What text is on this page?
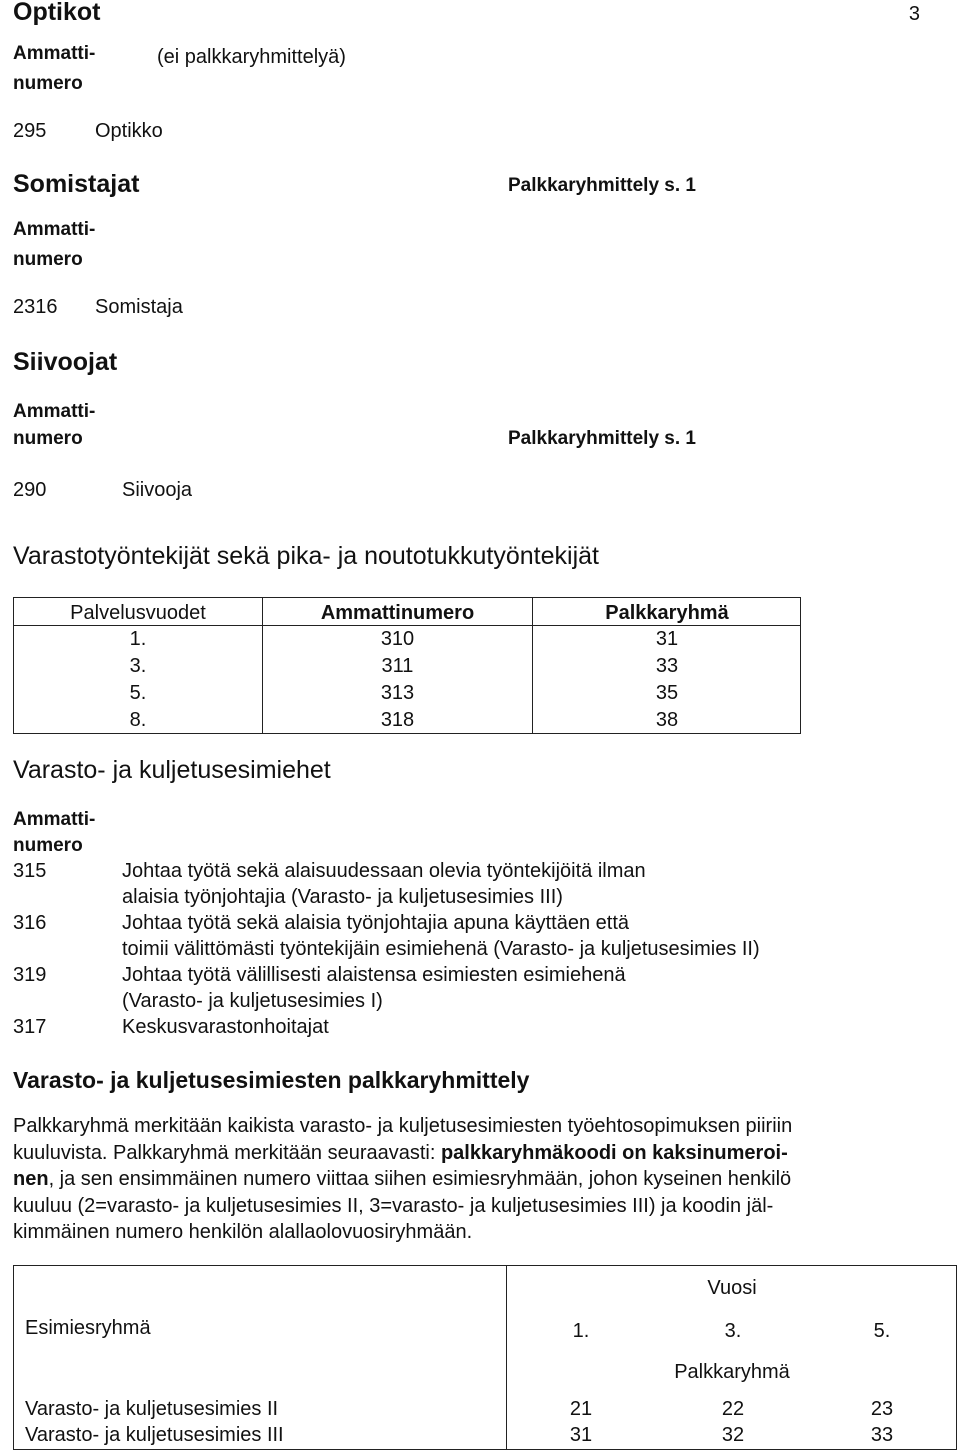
3
Optikot
Ammatti-
numero
(ei palkkaryhmittelyä)
295 Optikko
Somistajat	Palkkaryhmittely s. 1
Ammatti-
numero
2316 Somistaja
Siivoojat
Ammatti-
numero	Palkkaryhmittely s. 1
290	Siivooja
Varastotyöntekijät sekä pika- ja noutotukkutyöntekijät
Palvelusvuodet	Ammattinumero	Palkkaryhmä
1.	310	31
3.	311	33
5.	313	35
8.	318	38
Varasto- ja kuljetusesimiehet
Ammatti-
numero
315	Johtaa työtä sekä alaisuudessaan olevia työntekijöitä ilman
alaisia työnjohtajia (Varasto- ja kuljetusesimies III)
316	Johtaa työtä sekä alaisia työnjohtajia apuna käyttäen että
toimii välittömästi työntekijäin esimiehenä (Varasto- ja kuljetusesimies II)
319	Johtaa työtä välillisesti alaistensa esimiesten esimiehenä
(Varasto- ja kuljetusesimies I)
317	Keskusvarastonhoitajat
Varasto- ja kuljetusesimiesten palkkaryhmittely
Palkkaryhmä merkitään kaikista varasto- ja kuljetusesimiesten työehtosopimuksen piiriin
kuuluvista. Palkkaryhmä merkitään seuraavasti: palkkaryhmäkoodi on kaksinumeroi-
nen, ja sen ensimmäinen numero viittaa siihen esimiesryhmään, johon kyseinen henkilö
kuuluu (2=varasto- ja kuljetusesimies II, 3=varasto- ja kuljetusesimies III) ja koodin jäl-
kimmäinen numero henkilön alallaolovuosiryhmään.
Vuosi
Esimiesryhmä	1.	3.	5.
Palkkaryhmä
Varasto- ja kuljetusesimies II	21	22	23
Varasto- ja kuljetusesimies III	31	32	33
